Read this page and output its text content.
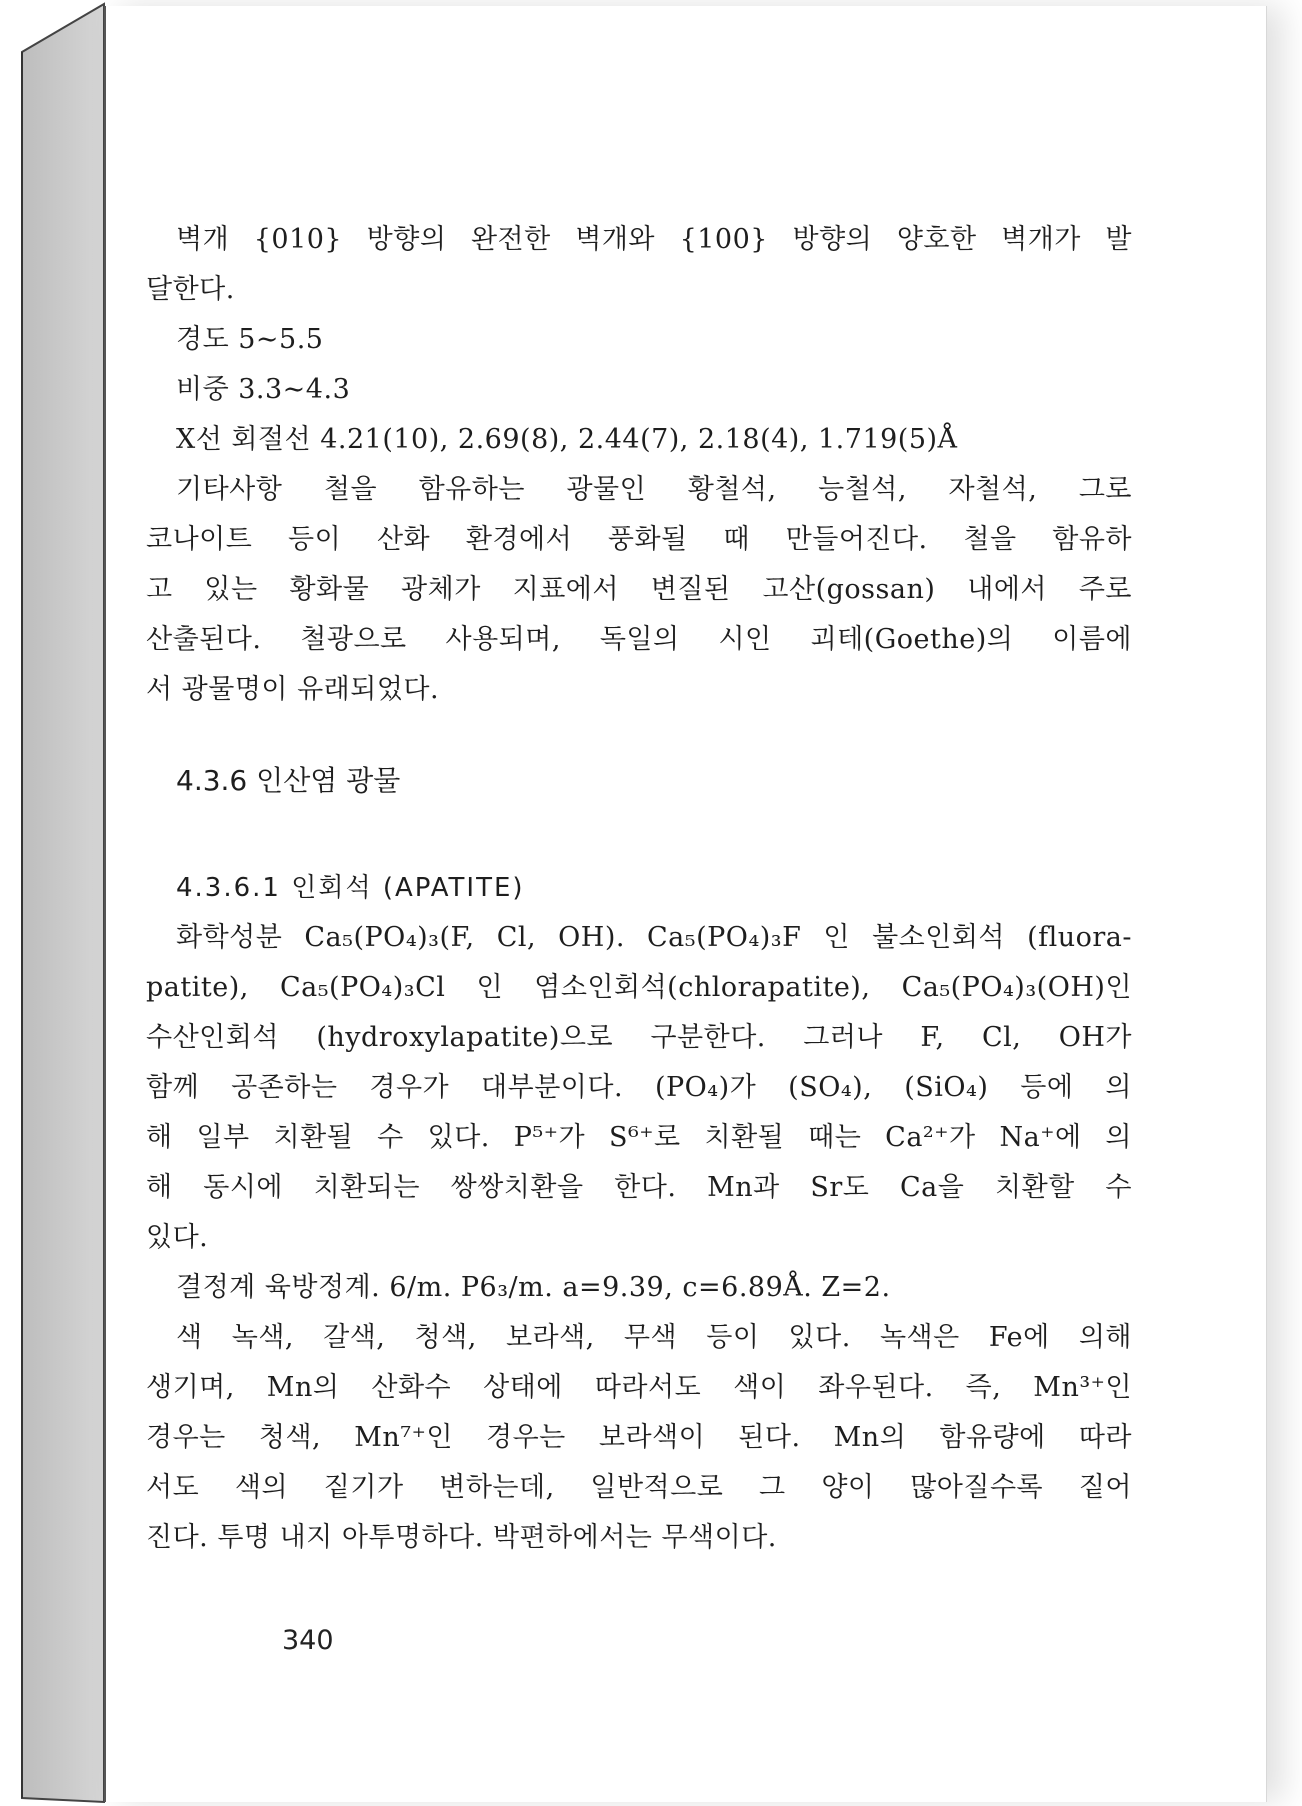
벽개 {010} 방향의 완전한 벽개와 {100} 방향의 양호한 벽개가 발
달한다.
경도 5∼5.5
비중 3.3∼4.3
X선 회절선 4.21(10), 2.69(8), 2.44(7), 2.18(4), 1.719(5)Å
기타사항 철을 함유하는 광물인 황철석, 능철석, 자철석, 그로
코나이트 등이 산화 환경에서 풍화될 때 만들어진다. 철을 함유하
고 있는 황화물 광체가 지표에서 변질된 고산(gossan) 내에서 주로
산출된다. 철광으로 사용되며, 독일의 시인 괴테(Goethe)의 이름에
서 광물명이 유래되었다.
4.3.6 인산염 광물
4.3.6.1 인회석 (APATITE)
화학성분 Ca₅(PO₄)₃(F, Cl, OH). Ca₅(PO₄)₃F 인 불소인회석 (fluora-
patite), Ca₅(PO₄)₃Cl 인 염소인회석(chlorapatite), Ca₅(PO₄)₃(OH)인
수산인회석 (hydroxylapatite)으로 구분한다. 그러나 F, Cl, OH가
함께 공존하는 경우가 대부분이다. (PO₄)가 (SO₄), (SiO₄) 등에 의
해 일부 치환될 수 있다. P⁵⁺가 S⁶⁺로 치환될 때는 Ca²⁺가 Na⁺에 의
해 동시에 치환되는 쌍쌍치환을 한다. Mn과 Sr도 Ca을 치환할 수
있다.
결정계 육방정계. 6/m. P6₃/m. a=9.39, c=6.89Å. Z=2.
색 녹색, 갈색, 청색, 보라색, 무색 등이 있다. 녹색은 Fe에 의해
생기며, Mn의 산화수 상태에 따라서도 색이 좌우된다. 즉, Mn³⁺인
경우는 청색, Mn⁷⁺인 경우는 보라색이 된다. Mn의 함유량에 따라
서도 색의 짙기가 변하는데, 일반적으로 그 양이 많아질수록 짙어
진다. 투명 내지 아투명하다. 박편하에서는 무색이다.
340
